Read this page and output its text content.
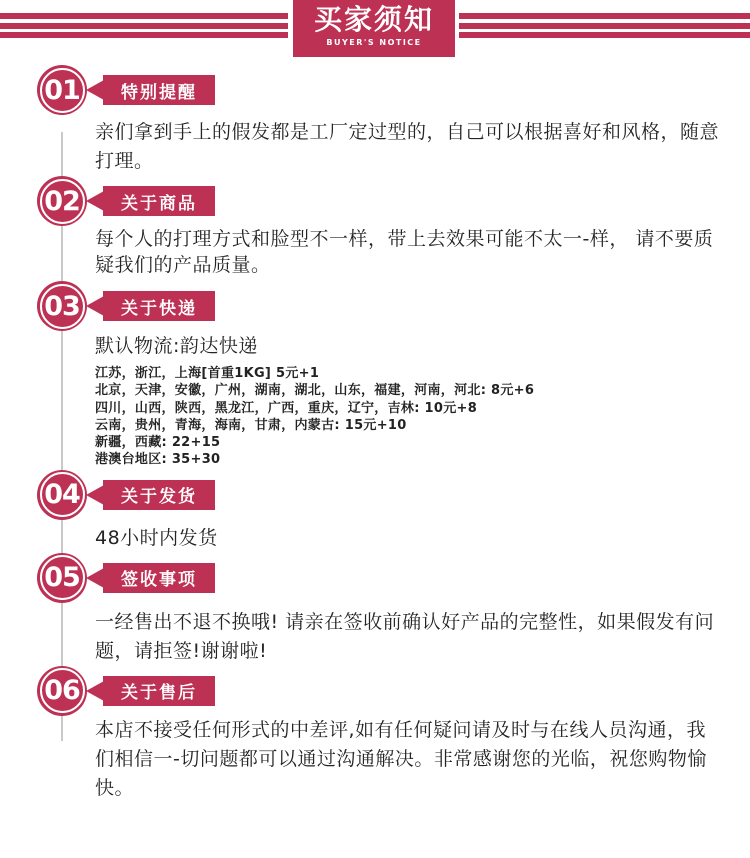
买家须知
BUYER'S NOTICE
01 特别提醒

亲们拿到手上的假发都是工厂定过型的，自己可以根据喜好和风格，随意打理。

02 关于商品

每个人的打理方式和脸型不一样，带上去效果可能不太一-样， 请不要质疑我们的产品质量。

03 关于快递

默认物流:韵达快递

江苏，浙江，上海[首重1KG] 5元+1

北京，天津，安徽，广州，湖南，湖北，山东，福建，河南，河北: 8元+6

四川，山西，陕西，黑龙江，广西，重庆，辽宁，吉林: 10元+8

云南，贵州，青海，海南，甘肃，内蒙古: 15元+10

新疆，西藏: 22+15

港澳台地区: 35+30

04 关于发货

48小时内发货

05 签收事项

一经售出不退不换哦! 请亲在签收前确认好产品的完整性，如果假发有问题，请拒签!谢谢啦!

06 关于售后

本店不接受任何形式的中差评,如有任何疑问请及时与在线人员沟通，我们相信一-切问题都可以通过沟通解决。非常感谢您的光临，祝您购物愉快。
